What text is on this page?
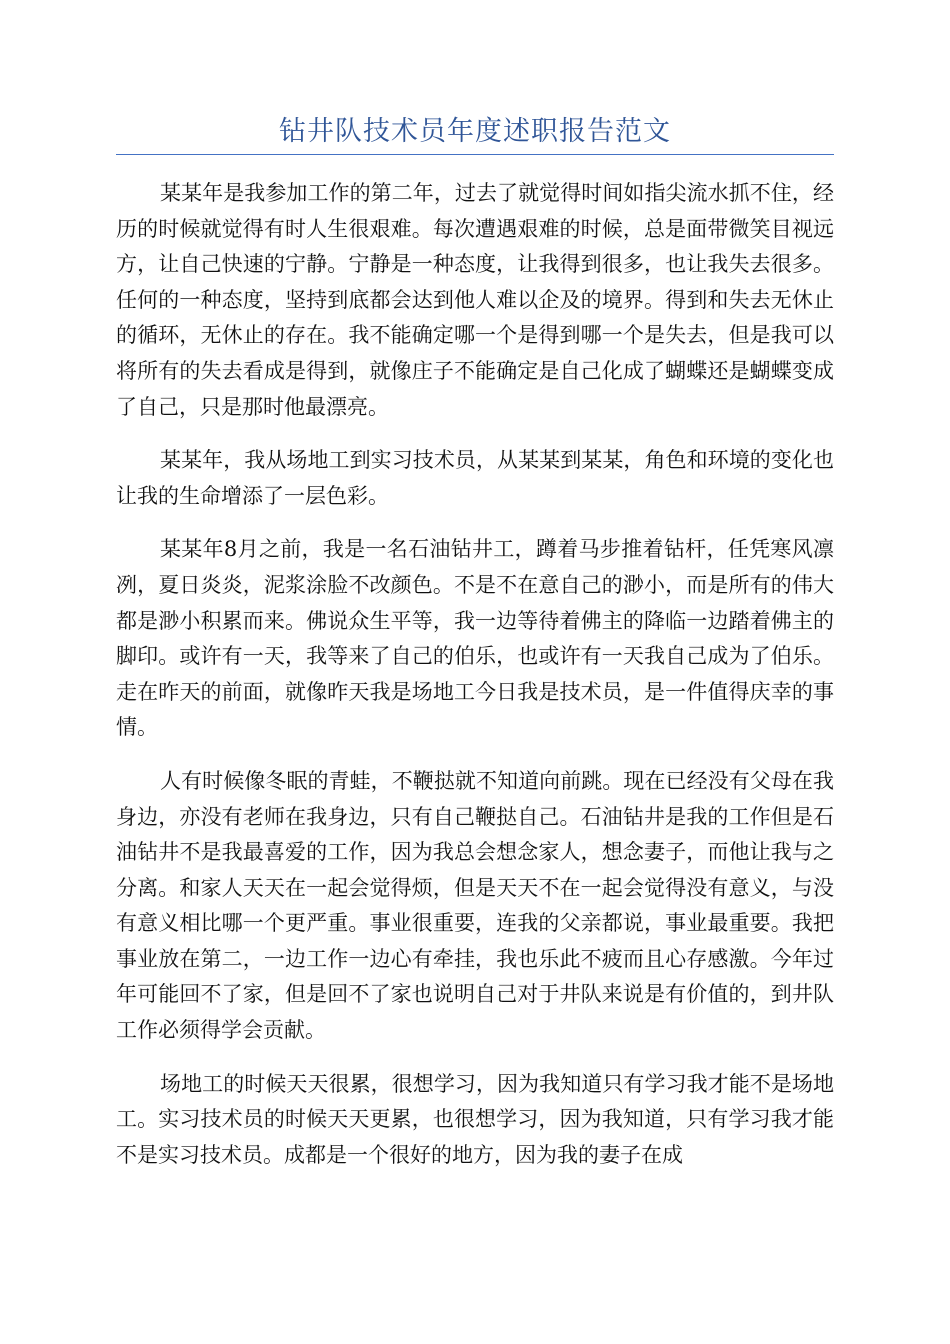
钻井队技术员年度述职报告范文

某某年是我参加工作的第二年，过去了就觉得时间如指尖流水抓不住，经历的时候就觉得有时人生很艰难。每次遭遇艰难的时候，总是面带微笑目视远方，让自己快速的宁静。宁静是一种态度，让我得到很多，也让我失去很多。任何的一种态度，坚持到底都会达到他人难以企及的境界。得到和失去无休止的循环，无休止的存在。我不能确定哪一个是得到哪一个是失去，但是我可以将所有的失去看成是得到，就像庄子不能确定是自己化成了蝴蝶还是蝴蝶变成了自己，只是那时他最漂亮。

某某年，我从场地工到实习技术员，从某某到某某，角色和环境的变化也让我的生命增添了一层色彩。

某某年8月之前，我是一名石油钻井工，蹲着马步推着钻杆，任凭寒风凛冽，夏日炎炎，泥浆涂脸不改颜色。不是不在意自己的渺小，而是所有的伟大都是渺小积累而来。佛说众生平等，我一边等待着佛主的降临一边踏着佛主的脚印。或许有一天，我等来了自己的伯乐，也或许有一天我自己成为了伯乐。走在昨天的前面，就像昨天我是场地工今日我是技术员，是一件值得庆幸的事情。

人有时候像冬眠的青蛙，不鞭挞就不知道向前跳。现在已经没有父母在我身边，亦没有老师在我身边，只有自己鞭挞自己。石油钻井是我的工作但是石油钻井不是我最喜爱的工作，因为我总会想念家人，想念妻子，而他让我与之分离。和家人天天在一起会觉得烦，但是天天不在一起会觉得没有意义，与没有意义相比哪一个更严重。事业很重要，连我的父亲都说，事业最重要。我把事业放在第二，一边工作一边心有牵挂，我也乐此不疲而且心存感激。今年过年可能回不了家，但是回不了家也说明自己对于井队来说是有价值的，到井队工作必须得学会贡献。

场地工的时候天天很累，很想学习，因为我知道只有学习我才能不是场地工。实习技术员的时候天天更累，也很想学习，因为我知道，只有学习我才能不是实习技术员。成都是一个很好的地方，因为我的妻子在成
